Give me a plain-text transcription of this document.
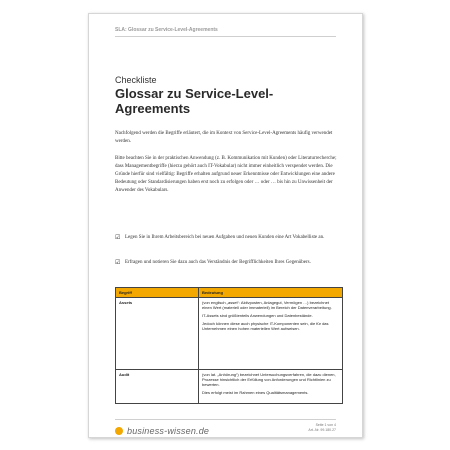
SLA: Glossar zu Service-Level-Agreements
Checkliste
Glossar zu Service-Level-Agreements

Nachfolgend werden die Begriffe erläutert, die im Kontext von Service-Level-Agreements häufig verwendet werden.

Bitte beachten Sie in der praktischen Anwendung (z. B. Kommunikation mit Kunden) oder Literaturrecherche; dass Managementbegriffe (hierzu gehört auch IT-Vokabular) nicht immer einheitlich verspendet werden. Die Gründe hierfür sind vielfältig: Begriffe erhalten aufgrund neuer Erkenntnisse oder Entwicklungen eine andere Bedeutung oder Standardisierungen haben erst noch zu erfolgen oder … oder … bis hin zu Unwissenheit der Anwender des Vokabulars.

☑ Legen Sie in Ihrem Arbeitsbereich bei neuen Aufgaben und neuen Kunden eine Art Vokabelliste an.
☑ Erfragen und notieren Sie dazu auch das Verständnis der Begrifflichkeiten Ihres Gegenübers.
Begriff	Bedeutung
Assets	(von englisch „asset“: Aktivposten, Anlagegut, Vermögen …) bezeichnet einen Wert (materiell oder immateriell) im Bereich der Datenverarbeitung.

IT-Assets sind größtenteils Anwendungen und Datenbestände.

Jedoch können diese auch physische IT-Komponenten sein, die für das Unternehmen einen hohen materiellen Wert aufweisen.

Audit	(von lat. „Anhörung“) bezeichnet Untersuchungsverfahren, die dazu dienen, Prozesse hinsichtlich der Erfüllung von Anforderungen und Richtlinien zu bewerten.

Dies erfolgt meist im Rahmen eines Qualitätsmanagements.

business-wissen.de
Seite 1 von 4
Art.-Nr. 99.180.27
